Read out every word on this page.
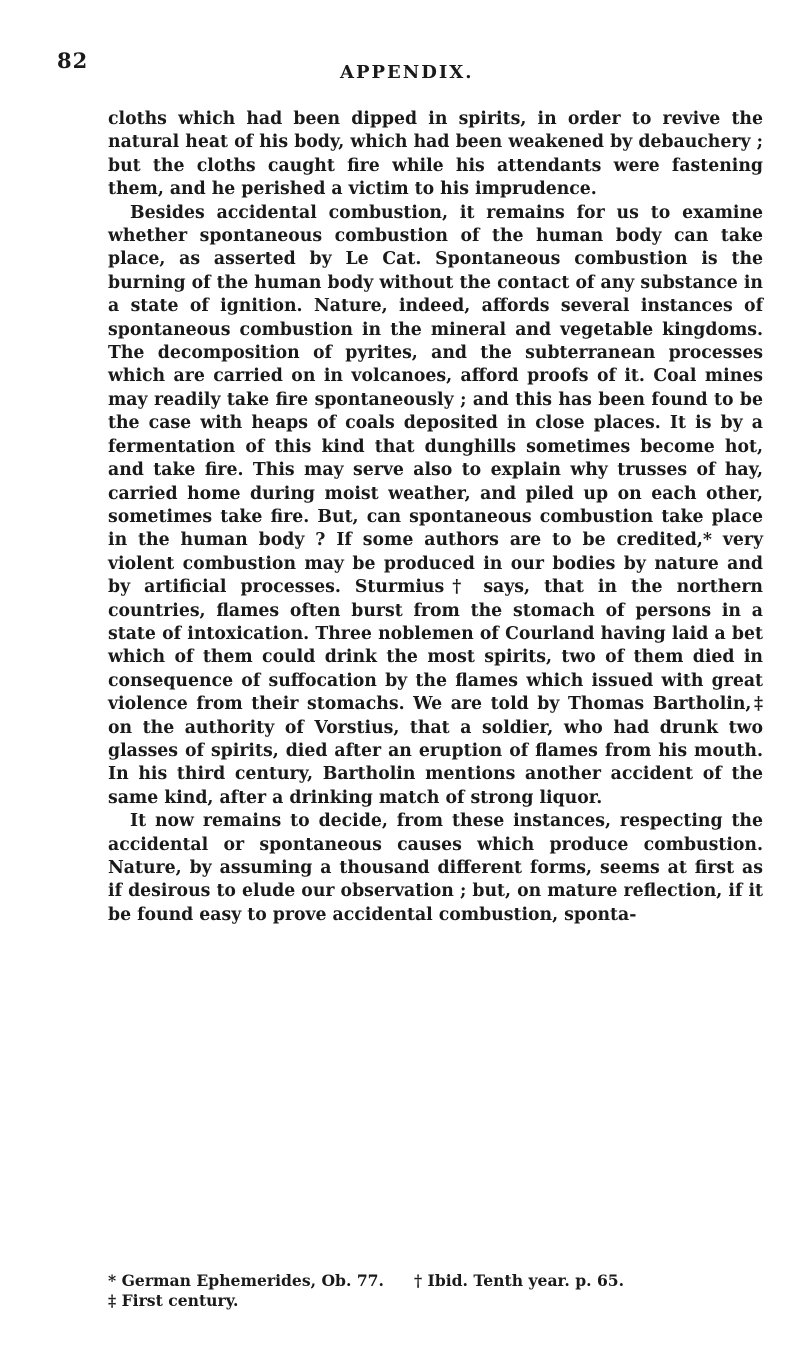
82	APPENDIX.

cloths which had been dipped in spirits, in order to revive the natural heat of his body, which had been weakened by debauchery ; but the cloths caught fire while his attendants were fastening them, and he perished a victim to his imprudence.

Besides accidental combustion, it remains for us to examine whether spontaneous combustion of the human body can take place, as asserted by Le Cat. Spontaneous combustion is the burning of the human body without the contact of any substance in a state of ignition. Nature, indeed, affords several instances of spontaneous combustion in the mineral and vegetable kingdoms. The decomposition of pyrites, and the subterranean processes which are carried on in volcanoes, afford proofs of it. Coal mines may readily take fire spontaneously ; and this has been found to be the case with heaps of coals deposited in close places. It is by a fermentation of this kind that dunghills sometimes become hot, and take fire. This may serve also to explain why trusses of hay, carried home during moist weather, and piled up on each other, sometimes take fire. But, can spontaneous combustion take place in the human body ? If some authors are to be credited,* very violent combustion may be produced in our bodies by nature and by artificial processes. Sturmius† says, that in the northern countries, flames often burst from the stomach of persons in a state of intoxication. Three noblemen of Courland having laid a bet which of them could drink the most spirits, two of them died in consequence of suffocation by the flames which issued with great violence from their stomachs. We are told by Thomas Bartholin,‡ on the authority of Vorstius, that a soldier, who had drunk two glasses of spirits, died after an eruption of flames from his mouth. In his third century, Bartholin mentions another accident of the same kind, after a drinking match of strong liquor.

It now remains to decide, from these instances, respecting the accidental or spontaneous causes which produce combustion. Nature, by assuming a thousand different forms, seems at first as if desirous to elude our observation ; but, on mature reflection, if it be found easy to prove accidental combustion, sponta-

* German Ephemerides, Ob. 77. † Ibid. Tenth year. p. 65.
‡ First century.
